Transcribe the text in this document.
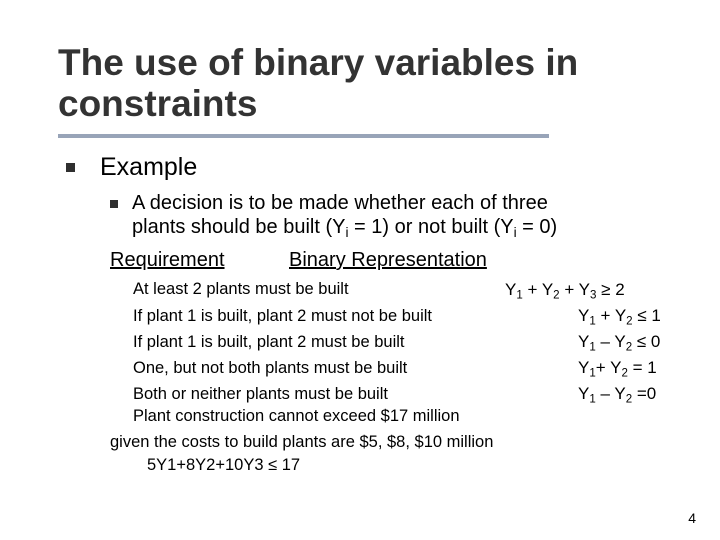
The use of binary variables in
constraints
Example
A decision is to be made whether each of three
plants should be built $(Y_i = 1)$ or not built $(Y_i = 0)$
Requirement	Binary Representation
At least 2 plants must be built
If plant 1 is built, plant 2 must not be built
If plant 1 is built, plant 2 must be built
One, but not both plants must be built
Both or neither plants must be built
Plant construction cannot exceed $17 million
$Y_1 + Y_2 + Y_3 \ge 2$
$Y_1 + Y_2 \le 1$
$Y_1 - Y_2 \le 0$
$Y_1+ Y_2 = 1$
$Y_1 - Y_2 =0$
given the costs to build plants are $5, $8, $10 million
5Y1+8Y2+10Y3 ≤ 17
4
